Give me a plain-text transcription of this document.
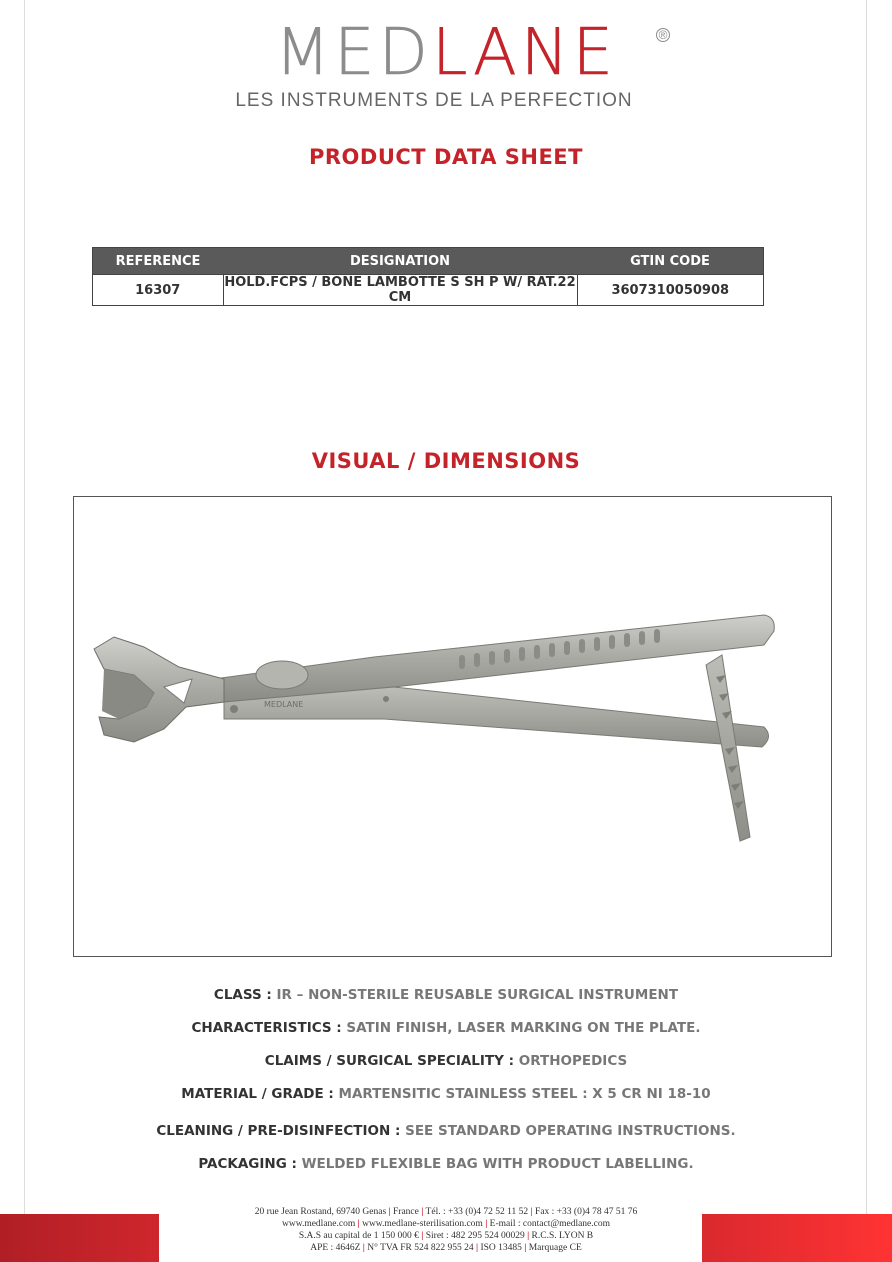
MEDLANE	®
LES INSTRUMENTS DE LA PERFECTION
PRODUCT DATA SHEET
REFERENCE	DESIGNATION	GTIN CODE
16307	HOLD.FCPS / BONE LAMBOTTE S SH P W/ RAT.22 CM	3607310050908
VISUAL / DIMENSIONS
MEDLANE
CLASS : IR – NON-STERILE REUSABLE SURGICAL INSTRUMENT
CHARACTERISTICS : SATIN FINISH, LASER MARKING ON THE PLATE.
CLAIMS / SURGICAL SPECIALITY : ORTHOPEDICS
MATERIAL / GRADE : MARTENSITIC STAINLESS STEEL : X 5 CR NI 18-10
CLEANING / PRE-DISINFECTION : SEE STANDARD OPERATING INSTRUCTIONS.
PACKAGING : WELDED FLEXIBLE BAG WITH PRODUCT LABELLING.
20 rue Jean Rostand, 69740 Genas | France | Tél. : +33 (0)4 72 52 11 52 | Fax : +33 (0)4 78 47 51 76
www.medlane.com | www.medlane-sterilisation.com | E-mail : contact@medlane.com
S.A.S au capital de 1 150 000 € | Siret : 482 295 524 00029 | R.C.S. LYON B
APE : 4646Z | N° TVA FR 524 822 955 24 | ISO 13485 | Marquage CE
